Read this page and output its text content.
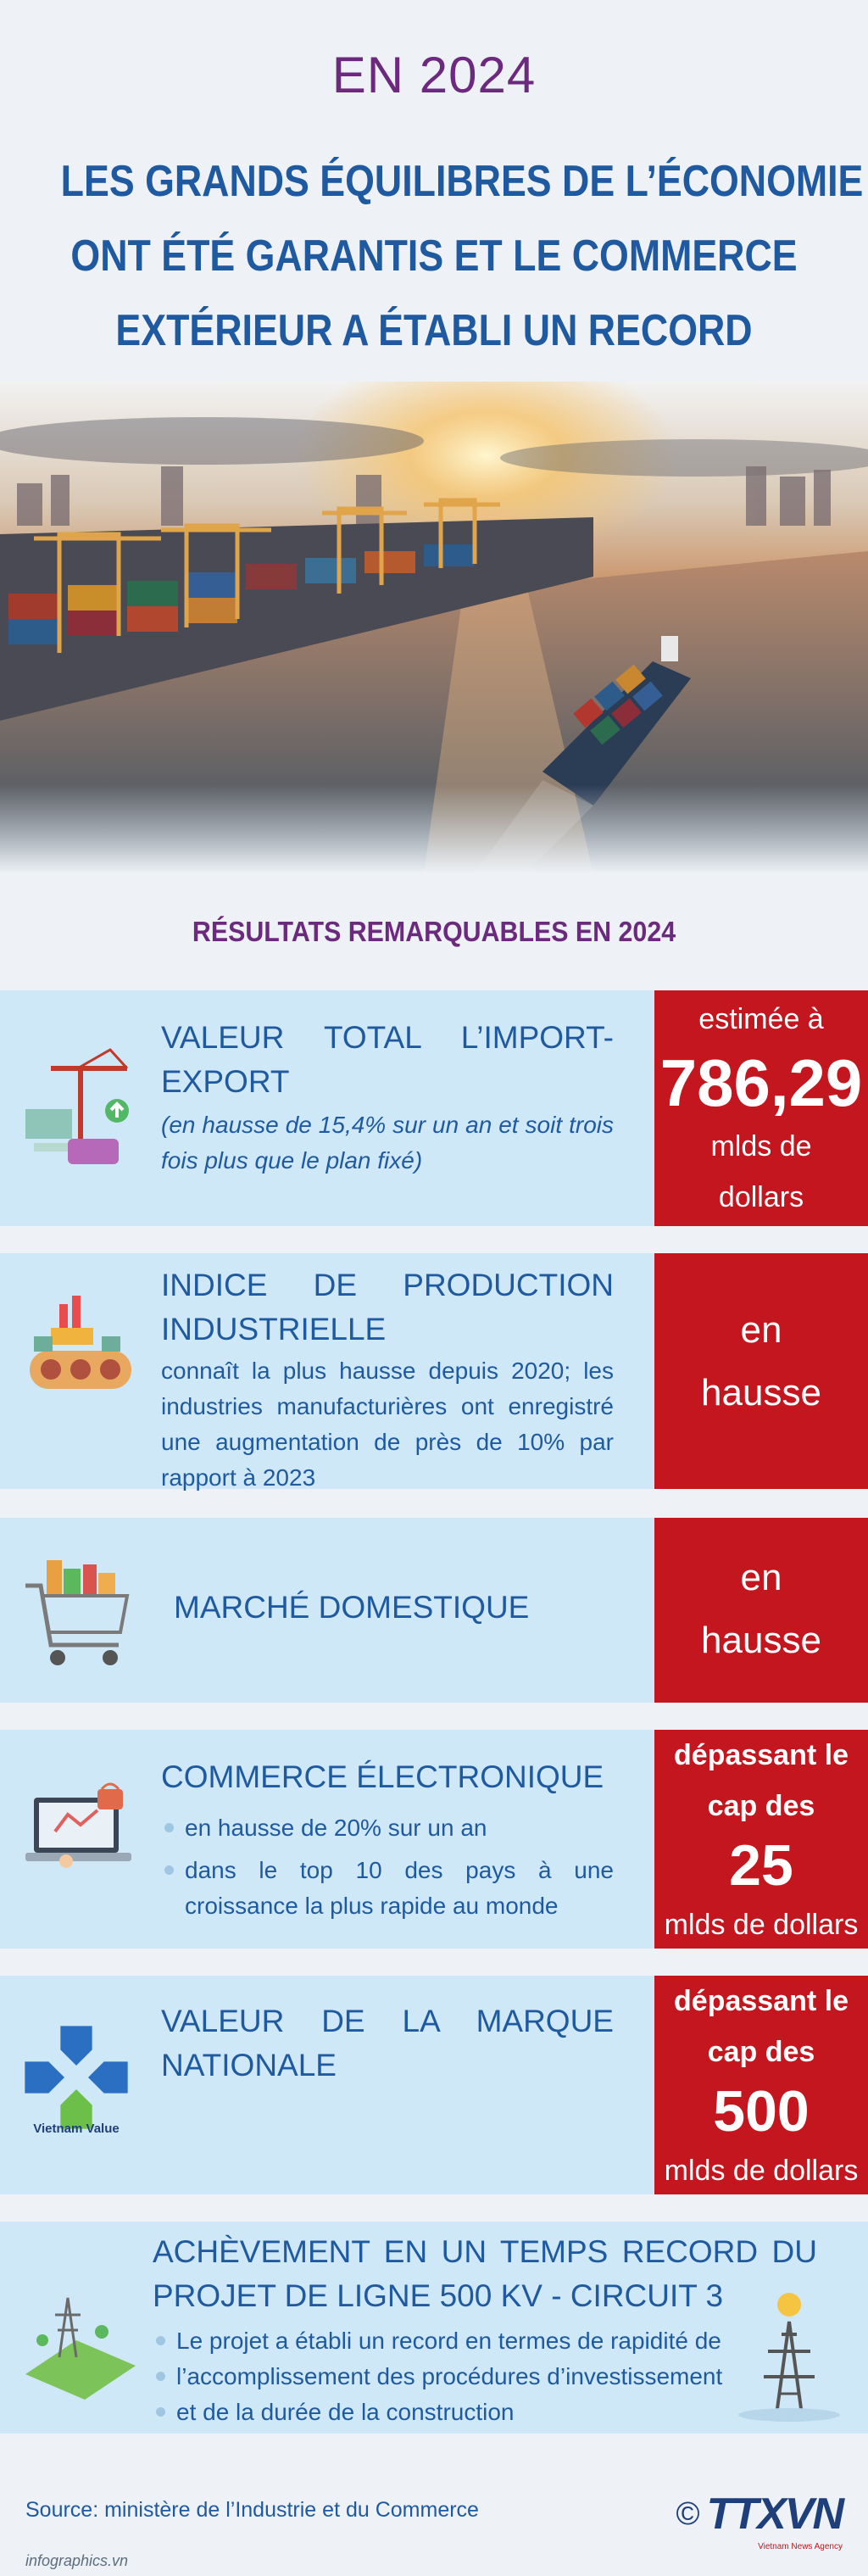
EN 2024
LES GRANDS ÉQUILIBRES DE L’ÉCONOMIE
ONT ÉTÉ GARANTIS ET LE COMMERCE
EXTÉRIEUR A ÉTABLI UN RECORD
RÉSULTATS REMARQUABLES EN 2024
VALEUR TOTAL L’IMPORT-EXPORT
(en hausse de 15,4% sur un an et soit trois fois plus que le plan fixé)
estimée à
786,29
mlds de
dollars
INDICE DE PRODUCTION INDUSTRIELLE
connaît la plus hausse depuis 2020; les industries manufacturières ont enregistré une augmentation de près de 10% par rapport à 2023
en
hausse
MARCHÉ DOMESTIQUE
en
hausse
COMMERCE ÉLECTRONIQUE
en hausse de 20% sur un an
dans le top 10 des pays à une croissance la plus rapide au monde
dépassant le
cap des
25
mlds de dollars
Vietnam Value
VALEUR DE LA MARQUE NATIONALE
dépassant le
cap des
500
mlds de dollars
ACHÈVEMENT EN UN TEMPS RECORD DU PROJET DE LIGNE 500 KV - CIRCUIT 3
Le projet a établi un record en termes de rapidité de
l’accomplissement des procédures d’investissement
et de la durée de la construction
Source: ministère de l’Industrie et du Commerce
infographics.vn
© TTXVN
Vietnam News Agency
